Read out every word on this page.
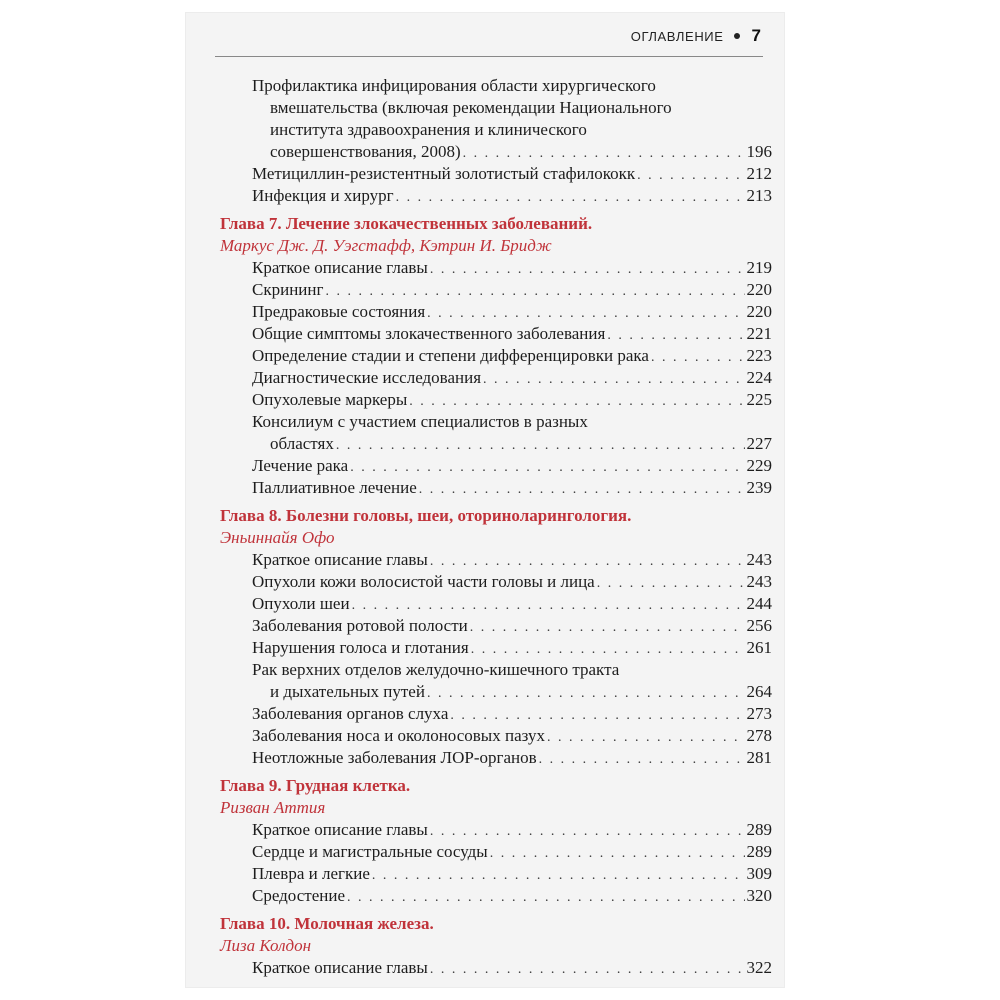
ОГЛАВЛЕНИЕ 7
Профилактика инфицирования области хирургического
вмешательства (включая рекомендации Национального
института здравоохранения и клинического
совершенствования, 2008) . . .	196
Метициллин-резистентный золотистый стафилококк . . .	212
Инфекция и хирург . . .	213
Глава 7. Лечение злокачественных заболеваний.
Маркус Дж. Д. Уэгстафф, Кэтрин И. Бридж
Краткое описание главы . . .	219
Скрининг . . .	220
Предраковые состояния . . .	220
Общие симптомы злокачественного заболевания . . .	221
Определение стадии и степени дифференцировки рака . . .	223
Диагностические исследования . . .	224
Опухолевые маркеры . . .	225
Консилиум с участием специалистов в разных
областях . . .	227
Лечение рака . . .	229
Паллиативное лечение . . .	239
Глава 8. Болезни головы, шеи, оториноларингология.
Эньиннайя Офо
Краткое описание главы . . .	243
Опухоли кожи волосистой части головы и лица . . .	243
Опухоли шеи . . .	244
Заболевания ротовой полости . . .	256
Нарушения голоса и глотания . . .	261
Рак верхних отделов желудочно-кишечного тракта
и дыхательных путей . . .	264
Заболевания органов слуха . . .	273
Заболевания носа и околоносовых пазух . . .	278
Неотложные заболевания ЛОР-органов . . .	281
Глава 9. Грудная клетка.
Ризван Аттия
Краткое описание главы . . .	289
Сердце и магистральные сосуды . . .	289
Плевра и легкие . . .	309
Средостение . . .	320
Глава 10. Молочная железа.
Лиза Колдон
Краткое описание главы . . .	322
